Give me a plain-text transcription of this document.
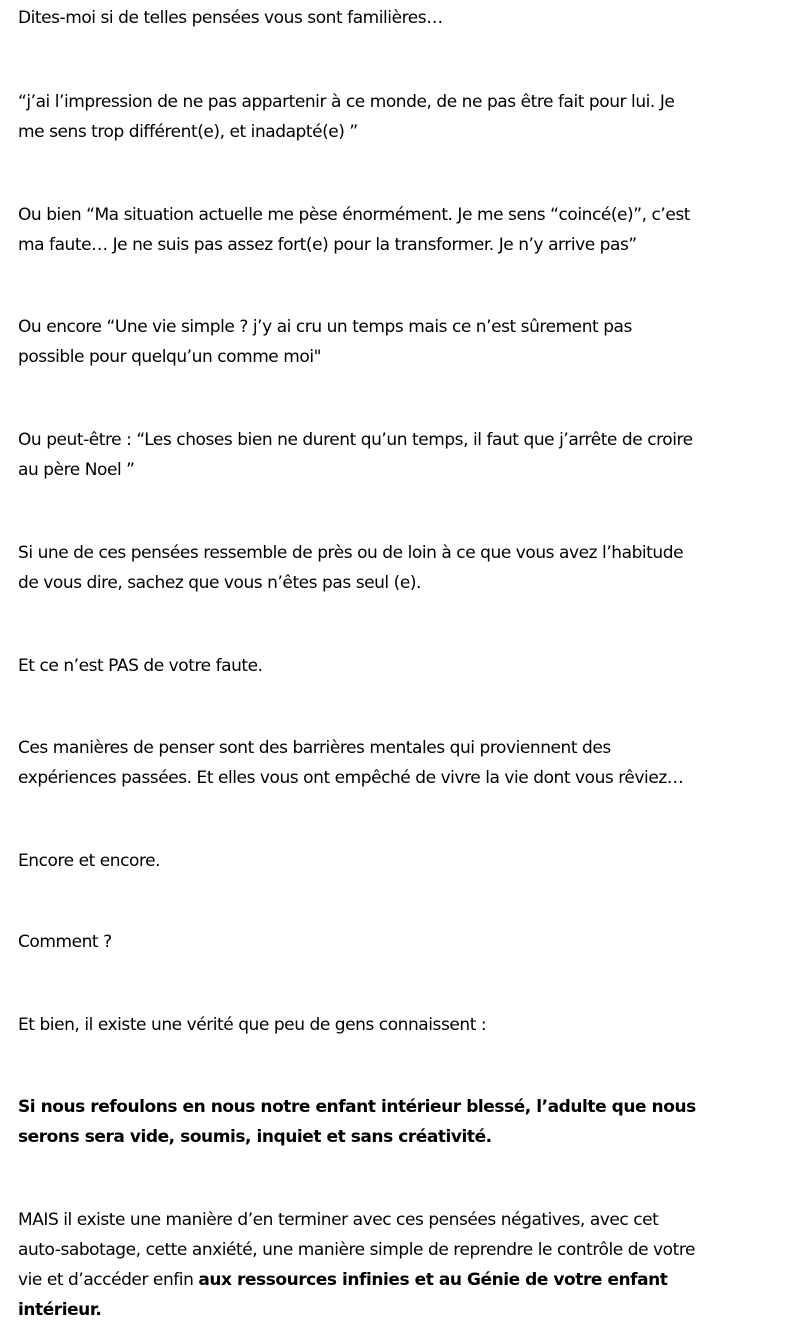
Dites-moi si de telles pensées vous sont familières…

“j’ai l’impression de ne pas appartenir à ce monde, de ne pas être fait pour lui. Je
me sens trop différent(e), et inadapté(e) ”

Ou bien “Ma situation actuelle me pèse énormément. Je me sens “coincé(e)”, c’est
ma faute… Je ne suis pas assez fort(e) pour la transformer. Je n’y arrive pas”

Ou encore “Une vie simple ? j’y ai cru un temps mais ce n’est sûrement pas
possible pour quelqu’un comme moi"

Ou peut-être : “Les choses bien ne durent qu’un temps, il faut que j’arrête de croire
au père Noel ”

Si une de ces pensées ressemble de près ou de loin à ce que vous avez l’habitude
de vous dire, sachez que vous n’êtes pas seul (e).

Et ce n’est PAS de votre faute.

Ces manières de penser sont des barrières mentales qui proviennent des
expériences passées. Et elles vous ont empêché de vivre la vie dont vous rêviez…

Encore et encore.

Comment ?

Et bien, il existe une vérité que peu de gens connaissent :

Si nous refoulons en nous notre enfant intérieur blessé, l’adulte que nous
serons sera vide, soumis, inquiet et sans créativité.

MAIS il existe une manière d’en terminer avec ces pensées négatives, avec cet
auto-sabotage, cette anxiété, une manière simple de reprendre le contrôle de votre
vie et d’accéder enfin aux ressources infinies et au Génie de votre enfant
intérieur.
